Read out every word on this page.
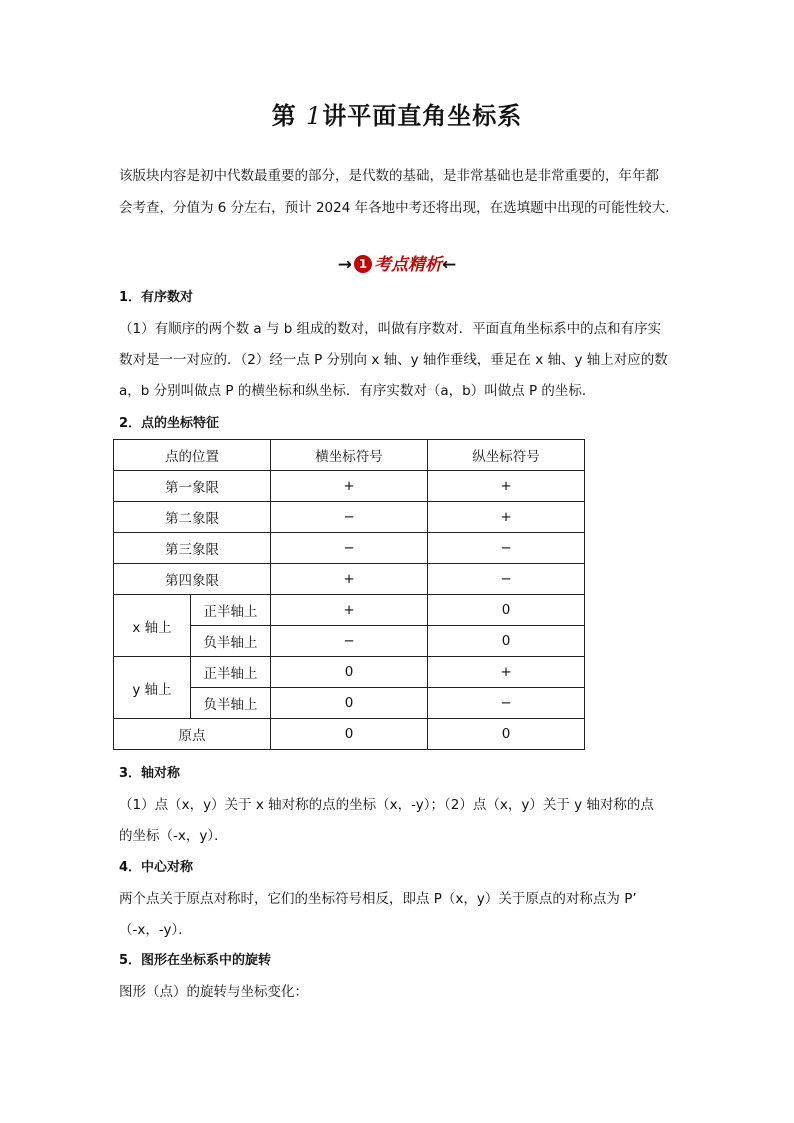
第 1讲平面直角坐标系
该版块内容是初中代数最重要的部分，是代数的基础，是非常基础也是非常重要的，年年都
会考查，分值为 6 分左右，预计 2024 年各地中考还将出现，在选填题中出现的可能性较大.
→ 1 考点精析←
1．有序数对
（1）有顺序的两个数 a 与 b 组成的数对，叫做有序数对．平面直角坐标系中的点和有序实
数对是一一对应的．（2）经一点 P 分别向 x 轴、y 轴作垂线，垂足在 x 轴、y 轴上对应的数
a，b 分别叫做点 P 的横坐标和纵坐标．有序实数对（a，b）叫做点 P 的坐标．
2．点的坐标特征
点的位置		横坐标符号	纵坐标符号
第一象限		+	+
第二象限		−	+
第三象限		−	−
第四象限		+	−
x 轴上	正半轴上	+	0
	负半轴上	−	0
y 轴上	正半轴上	0	+
	负半轴上	0	−
原点		0	0
3．轴对称
（1）点（x，y）关于 x 轴对称的点的坐标（x，-y）；（2）点（x，y）关于 y 轴对称的点
的坐标（-x，y）．
4．中心对称
两个点关于原点对称时，它们的坐标符号相反，即点 P（x，y）关于原点的对称点为 P’
（-x，-y）．
5．图形在坐标系中的旋转
图形（点）的旋转与坐标变化：
